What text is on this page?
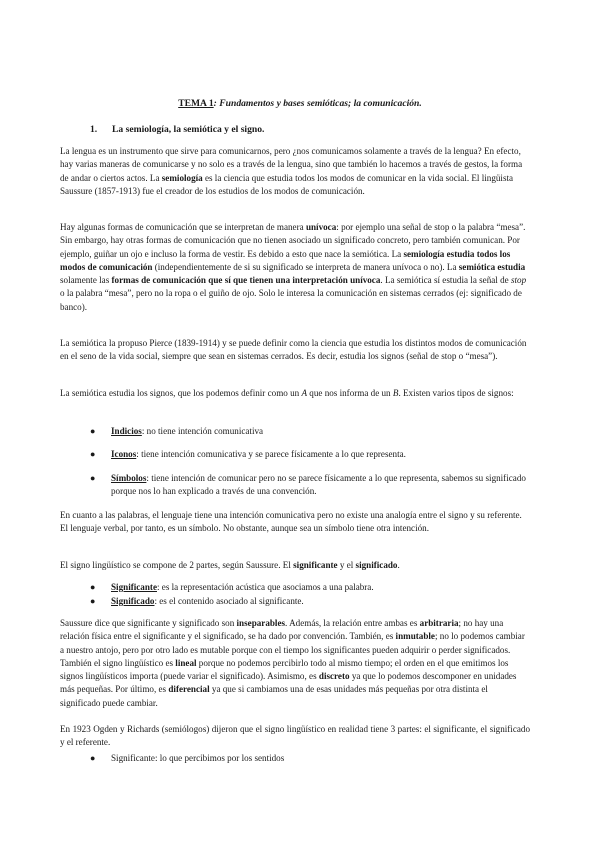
TEMA 1: Fundamentos y bases semióticas; la comunicación.
1. La semiología, la semiótica y el signo.

La lengua es un instrumento que sirve para comunicarnos, pero ¿nos comunicamos solamente a través de la lengua? En efecto, hay varias maneras de comunicarse y no solo es a través de la lengua, sino que también lo hacemos a través de gestos, la forma de andar o ciertos actos. La semiología es la ciencia que estudia todos los modos de comunicar en la vida social. El lingüista Saussure (1857-1913) fue el creador de los estudios de los modos de comunicación.

Hay algunas formas de comunicación que se interpretan de manera unívoca: por ejemplo una señal de stop o la palabra “mesa”. Sin embargo, hay otras formas de comunicación que no tienen asociado un significado concreto, pero también comunican. Por ejemplo, guiñar un ojo e incluso la forma de vestir. Es debido a esto que nace la semiótica. La semiología estudia todos los modos de comunicación (independientemente de si su significado se interpreta de manera unívoca o no). La semiótica estudia solamente las formas de comunicación que sí que tienen una interpretación unívoca. La semiótica sí estudia la señal de stop o la palabra “mesa”, pero no la ropa o el guiño de ojo. Solo le interesa la comunicación en sistemas cerrados (ej: significado de banco).

La semiótica la propuso Pierce (1839-1914) y se puede definir como la ciencia que estudia los distintos modos de comunicación en el seno de la vida social, siempre que sean en sistemas cerrados. Es decir, estudia los signos (señal de stop o “mesa”).

La semiótica estudia los signos, que los podemos definir como un A que nos informa de un B. Existen varios tipos de signos:

● Indicios: no tiene intención comunicativa
● Iconos: tiene intención comunicativa y se parece físicamente a lo que representa.
● Símbolos: tiene intención de comunicar pero no se parece físicamente a lo que representa, sabemos su significado porque nos lo han explicado a través de una convención.

En cuanto a las palabras, el lenguaje tiene una intención comunicativa pero no existe una analogía entre el signo y su referente. El lenguaje verbal, por tanto, es un símbolo. No obstante, aunque sea un símbolo tiene otra intención.

El signo lingüístico se compone de 2 partes, según Saussure. El significante y el significado.

● Significante: es la representación acústica que asociamos a una palabra.
● Significado: es el contenido asociado al significante.

Saussure dice que significante y significado son inseparables. Además, la relación entre ambas es arbitraria; no hay una relación física entre el significante y el significado, se ha dado por convención. También, es inmutable; no lo podemos cambiar a nuestro antojo, pero por otro lado es mutable porque con el tiempo los significantes pueden adquirir o perder significados. También el signo lingüístico es lineal porque no podemos percibirlo todo al mismo tiempo; el orden en el que emitimos los signos lingüísticos importa (puede variar el significado). Asimismo, es discreto ya que lo podemos descomponer en unidades más pequeñas. Por último, es diferencial ya que si cambiamos una de esas unidades más pequeñas por otra distinta el significado puede cambiar.

En 1923 Ogden y Richards (semiólogos) dijeron que el signo lingüístico en realidad tiene 3 partes: el significante, el significado y el referente.

● Significante: lo que percibimos por los sentidos
